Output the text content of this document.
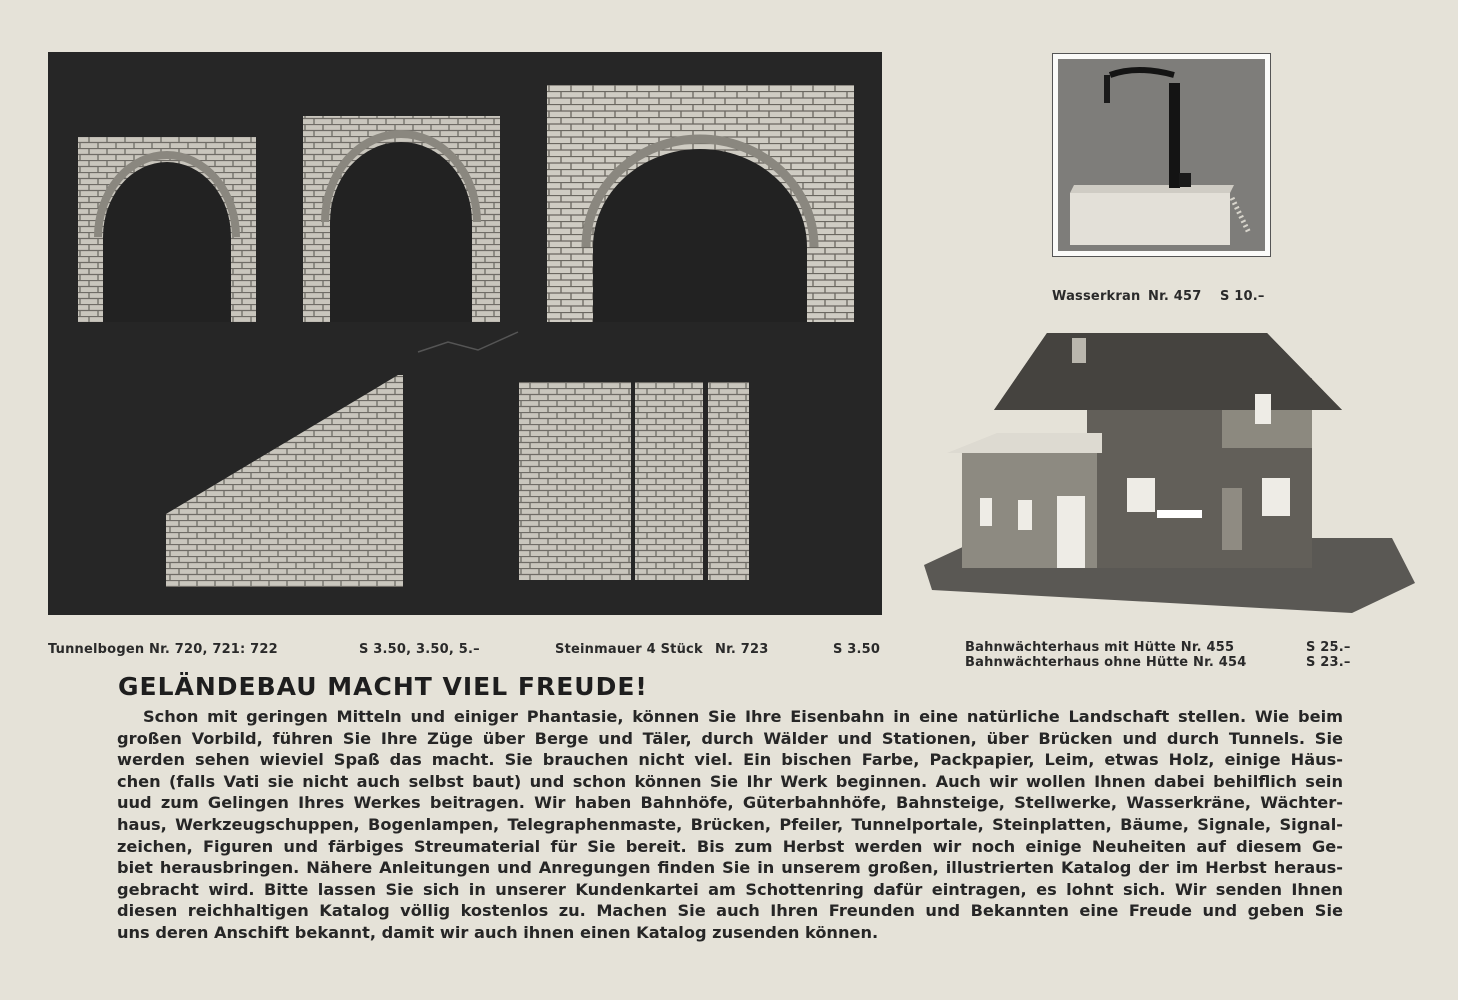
Wasserkran Nr. 457 S 10.–
Tunnelbogen Nr. 720, 721: 722	S 3.50, 3.50, 5.–	Steinmauer 4 Stück Nr. 723	S 3.50	Bahnwächterhaus mit Hütte Nr. 455	S 25.–
Bahnwächterhaus ohne Hütte Nr. 454	S 23.–
GELÄNDEBAU MACHT VIEL FREUDE!
Schon mit geringen Mitteln und einiger Phantasie, können Sie Ihre Eisenbahn in eine natürliche Landschaft stellen. Wie beim
großen Vorbild, führen Sie Ihre Züge über Berge und Täler, durch Wälder und Stationen, über Brücken und durch Tunnels. Sie
werden sehen wieviel Spaß das macht. Sie brauchen nicht viel. Ein bischen Farbe, Packpapier, Leim, etwas Holz, einige Häus-
chen (falls Vati sie nicht auch selbst baut) und schon können Sie Ihr Werk beginnen. Auch wir wollen Ihnen dabei behilflich sein
uud zum Gelingen Ihres Werkes beitragen. Wir haben Bahnhöfe, Güterbahnhöfe, Bahnsteige, Stellwerke, Wasserkräne, Wächter-
haus, Werkzeugschuppen, Bogenlampen, Telegraphenmaste, Brücken, Pfeiler, Tunnelportale, Steinplatten, Bäume, Signale, Signal-
zeichen, Figuren und färbiges Streumaterial für Sie bereit. Bis zum Herbst werden wir noch einige Neuheiten auf diesem Ge-
biet herausbringen. Nähere Anleitungen und Anregungen finden Sie in unserem großen, illustrierten Katalog der im Herbst heraus-
gebracht wird. Bitte lassen Sie sich in unserer Kundenkartei am Schottenring dafür eintragen, es lohnt sich. Wir senden Ihnen
diesen reichhaltigen Katalog völlig kostenlos zu. Machen Sie auch Ihren Freunden und Bekannten eine Freude und geben Sie
uns deren Anschift bekannt, damit wir auch ihnen einen Katalog zusenden können.
